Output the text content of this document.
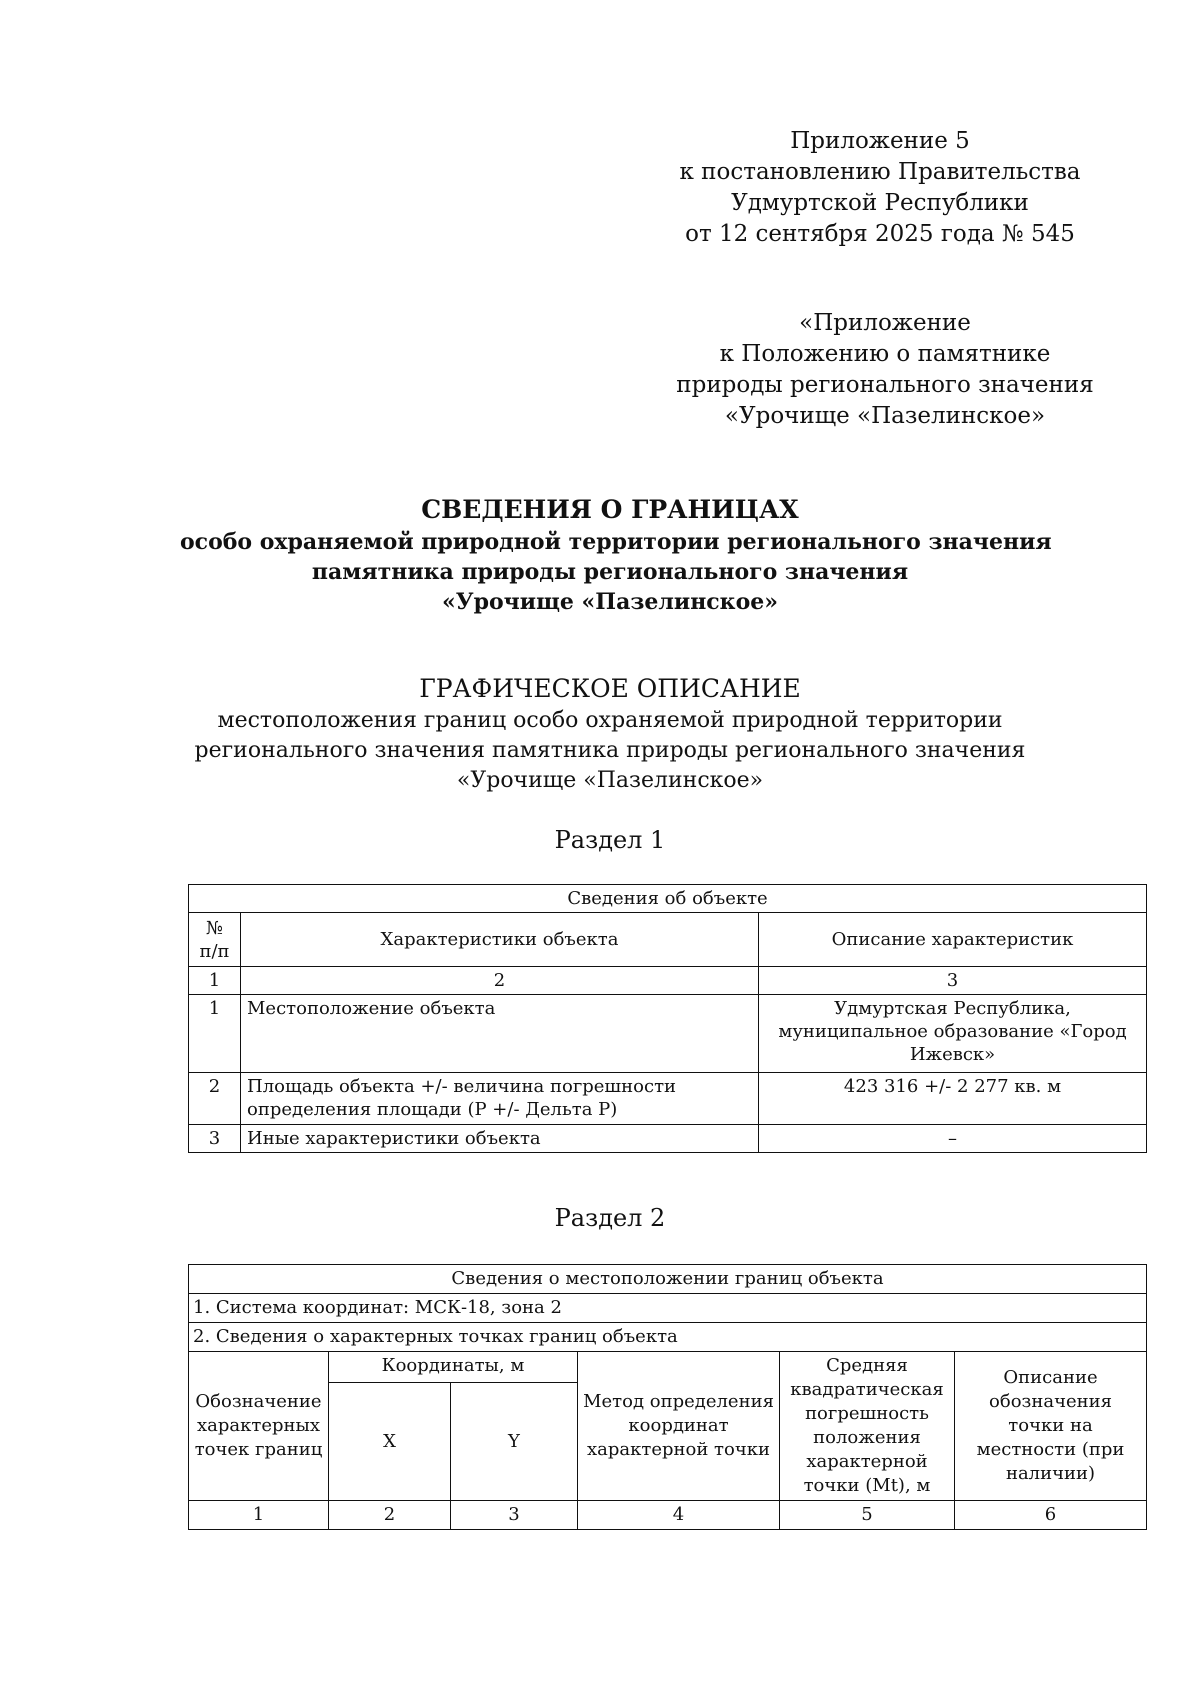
Приложение 5
к постановлению Правительства
Удмуртской Республики
от 12 сентября 2025 года № 545
«Приложение
к Положению о памятнике
природы регионального значения
«Урочище «Пазелинское»
СВЕДЕНИЯ О ГРАНИЦАХ
особо охраняемой природной территории регионального значения
памятника природы регионального значения
«Урочище «Пазелинское»
ГРАФИЧЕСКОЕ ОПИСАНИЕ
местоположения границ особо охраняемой природной территории
регионального значения памятника природы регионального значения
«Урочище «Пазелинское»
Раздел 1
Сведения об объекте		
№ п/п	Характеристики объекта	Описание характеристик
1	2	3
1	Местоположение объекта	Удмуртская Республика, муниципальное образование «Город Ижевск»
2	Площадь объекта +/- величина погрешности определения площади (P +/- Дельта P)	423 316 +/- 2 277 кв. м
3	Иные характеристики объекта	–
Раздел 2
Сведения о местоположении границ объекта					
1. Система координат: МСК-18, зона 2					
2. Сведения о характерных точках границ объекта					
Обозначение характерных точек границ	Координаты, м		Метод определения координат характерной точки	Средняя квадратическая погрешность положения характерной точки (Mt), м	Описание обозначения точки на местности (при наличии)
	X	Y			
1	2	3	4	5	6
